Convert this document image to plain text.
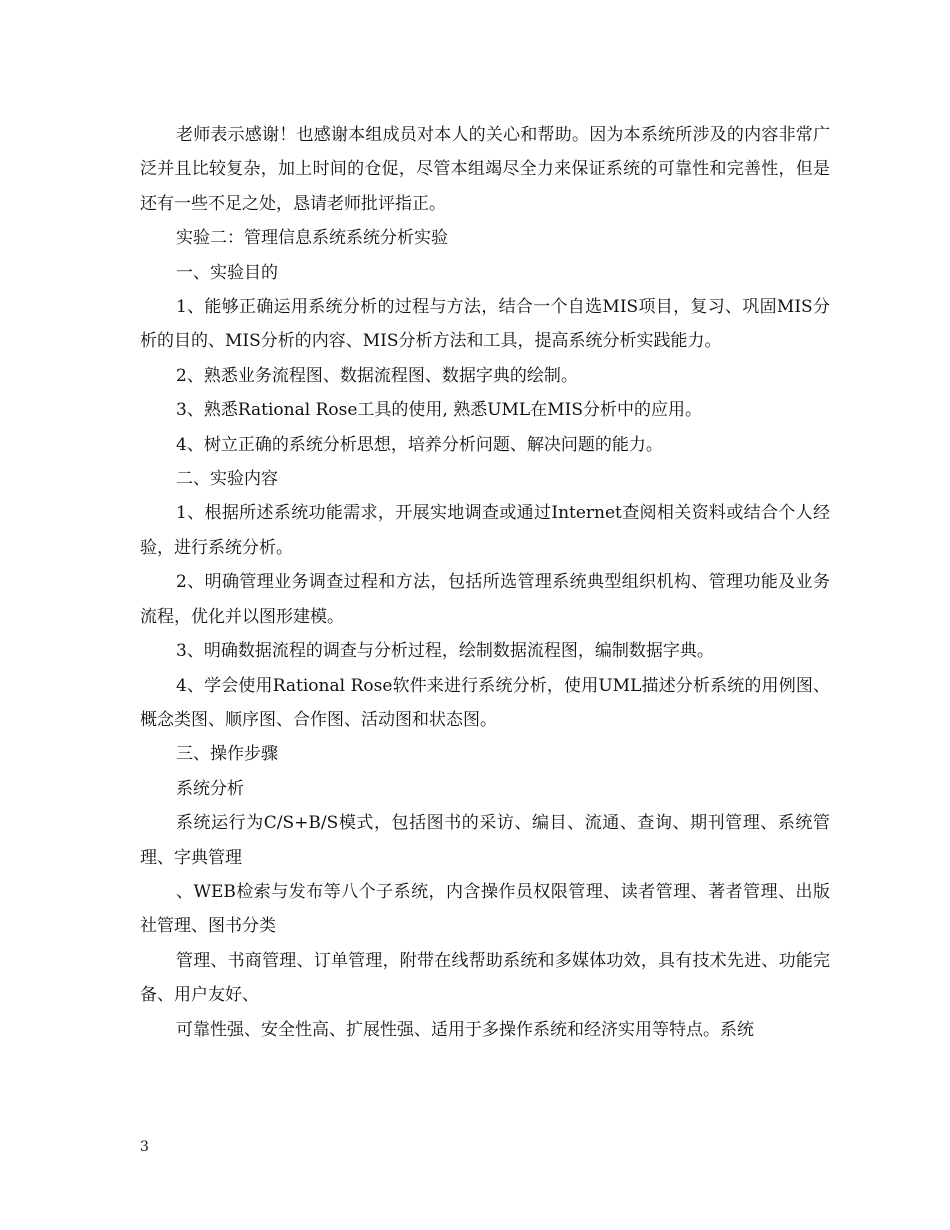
老师表示感谢！也感谢本组成员对本人的关心和帮助。因为本系统所涉及的内容非常广泛并且比较复杂，加上时间的仓促，尽管本组竭尽全力来保证系统的可靠性和完善性，但是还有一些不足之处，恳请老师批评指正。

实验二：管理信息系统系统分析实验

一、实验目的

1、能够正确运用系统分析的过程与方法，结合一个自选MIS项目，复习、巩固MIS分析的目的、MIS分析的内容、MIS分析方法和工具，提高系统分析实践能力。

2、熟悉业务流程图、数据流程图、数据字典的绘制。

3、熟悉Rational Rose工具的使用, 熟悉UML在MIS分析中的应用。

4、树立正确的系统分析思想，培养分析问题、解决问题的能力。

二、实验内容

1、根据所述系统功能需求，开展实地调查或通过Internet查阅相关资料或结合个人经验，进行系统分析。

2、明确管理业务调查过程和方法，包括所选管理系统典型组织机构、管理功能及业务流程，优化并以图形建模。

3、明确数据流程的调查与分析过程，绘制数据流程图，编制数据字典。

4、学会使用Rational Rose软件来进行系统分析，使用UML描述分析系统的用例图、概念类图、顺序图、合作图、活动图和状态图。

三、操作步骤

系统分析

系统运行为C/S+B/S模式，包括图书的采访、编目、流通、查询、期刊管理、系统管理、字典管理

、WEB检索与发布等八个子系统，内含操作员权限管理、读者管理、著者管理、出版社管理、图书分类

管理、书商管理、订单管理，附带在线帮助系统和多媒体功效，具有技术先进、功能完备、用户友好、

可靠性强、安全性高、扩展性强、适用于多操作系统和经济实用等特点。系统

3
